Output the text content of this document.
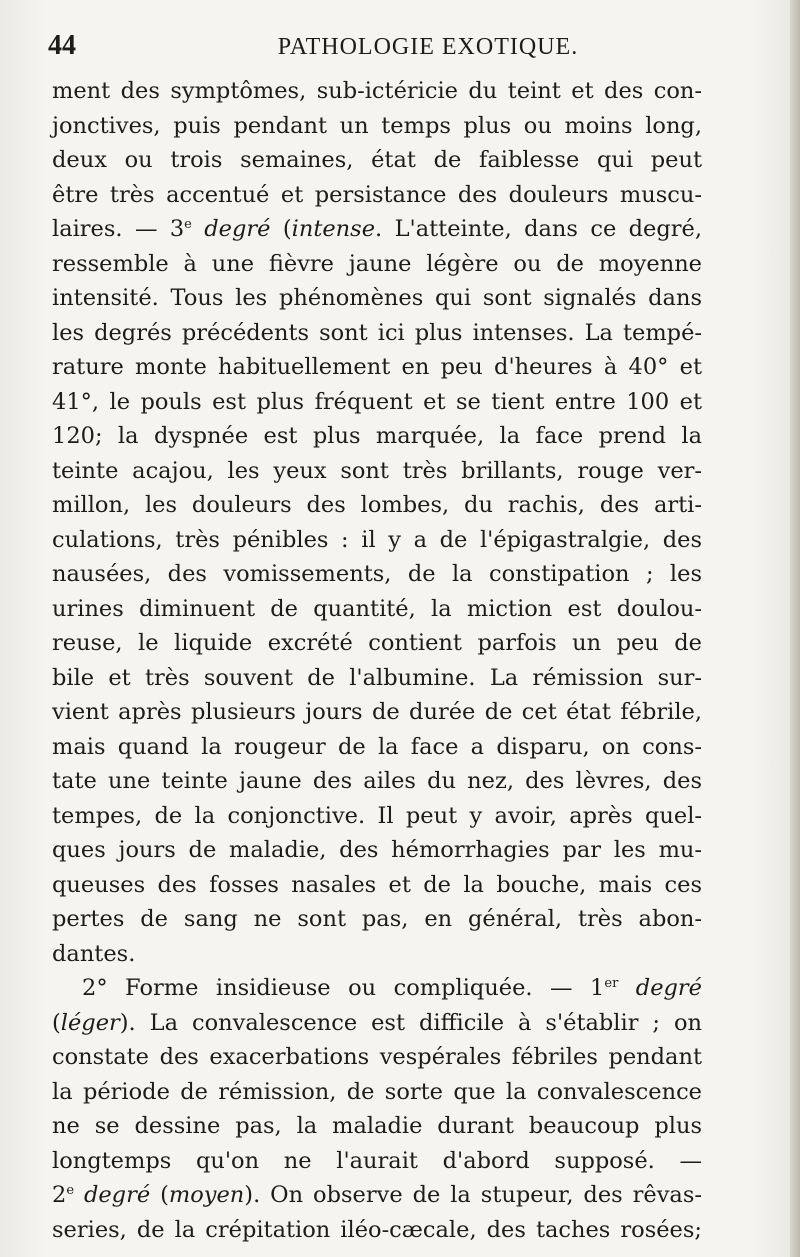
44	PATHOLOGIE EXOTIQUE.
ment des symptômes, sub-ictéricie du teint et des con-
jonctives, puis pendant un temps plus ou moins long,
deux ou trois semaines, état de faiblesse qui peut
être très accentué et persistance des douleurs muscu-
laires. — 3e degré (intense. L'atteinte, dans ce degré,
ressemble à une fièvre jaune légère ou de moyenne
intensité. Tous les phénomènes qui sont signalés dans
les degrés précédents sont ici plus intenses. La tempé-
rature monte habituellement en peu d'heures à 40° et
41°, le pouls est plus fréquent et se tient entre 100 et
120; la dyspnée est plus marquée, la face prend la
teinte acajou, les yeux sont très brillants, rouge ver-
millon, les douleurs des lombes, du rachis, des arti-
culations, très pénibles : il y a de l'épigastralgie, des
nausées, des vomissements, de la constipation ; les
urines diminuent de quantité, la miction est doulou-
reuse, le liquide excrété contient parfois un peu de
bile et très souvent de l'albumine. La rémission sur-
vient après plusieurs jours de durée de cet état fébrile,
mais quand la rougeur de la face a disparu, on cons-
tate une teinte jaune des ailes du nez, des lèvres, des
tempes, de la conjonctive. Il peut y avoir, après quel-
ques jours de maladie, des hémorrhagies par les mu-
queuses des fosses nasales et de la bouche, mais ces
pertes de sang ne sont pas, en général, très abon-
dantes.
2° Forme insidieuse ou compliquée. — 1er degré
(léger). La convalescence est difficile à s'établir ; on
constate des exacerbations vespérales fébriles pendant
la période de rémission, de sorte que la convalescence
ne se dessine pas, la maladie durant beaucoup plus
longtemps qu'on ne l'aurait d'abord supposé. —
2e degré (moyen). On observe de la stupeur, des rêvas-
series, de la crépitation iléo-cæcale, des taches rosées;
